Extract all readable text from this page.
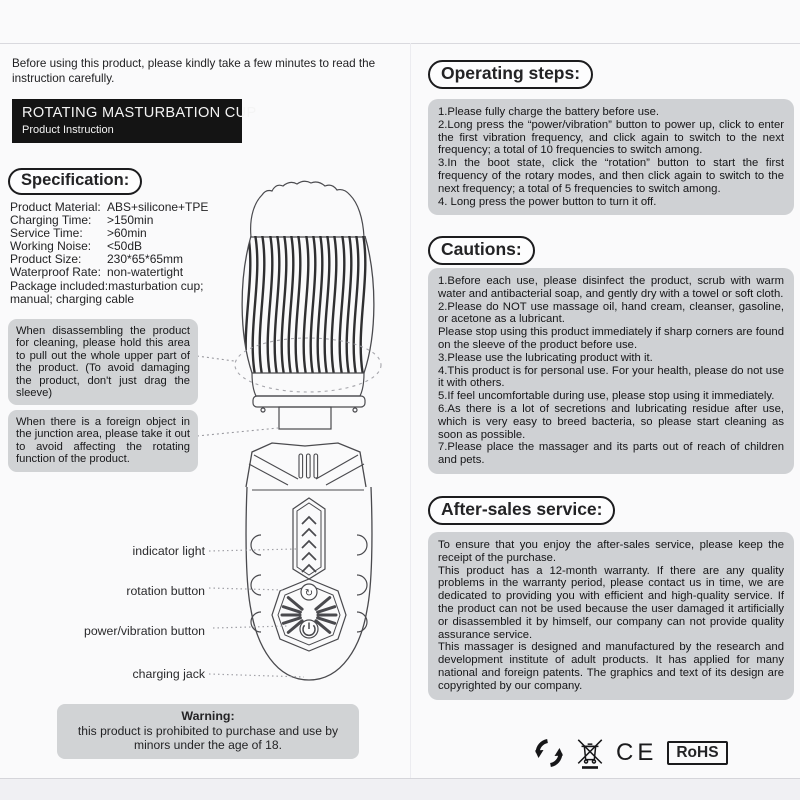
↻
Before using this product, please kindly take a few minutes to read the instruction carefully.
ROTATING MASTURBATION CUP
Product Instruction
Specification:
Product Material: ABS+silicone+TPE
Charging Time: >150min
Service Time: >60min
Working Noise: <50dB
Product Size: 230*65*65mm
Waterproof Rate: non-watertight
Package included:masturbation cup;
manual; charging cable
When disassembling the product for cleaning, please hold this area to pull out the whole upper part of the product. (To avoid damaging the product, don't just drag the sleeve)
When there is a foreign object in the junction area, please take it out to avoid affecting the rotating function of the product.
indicator light
rotation button
power/vibration button
charging jack
Warning:
this product is prohibited to purchase and use by minors under the age of 18.
Operating steps:
1.Please fully charge the battery before use.
2.Long press the “power/vibration” button to power up, click to enter the first vibration frequency, and click again to switch to the next frequency; a total of 10 frequencies to switch among.
3.In the boot state, click the “rotation” button to start the first frequency of the rotary modes, and then click again to switch to the next frequency; a total of 5 frequencies to switch among.
4. Long press the power button to turn it off.
Cautions:
1.Before each use, please disinfect the product, scrub with warm water and antibacterial soap, and gently dry with a towel or soft cloth.
2.Please do NOT use massage oil, hand cream, cleanser, gasoline, or acetone as a lubricant.
Please stop using this product immediately if sharp corners are found on the sleeve of the product before use.
3.Please use the lubricating product with it.
4.This product is for personal use. For your health, please do not use it with others.
5.If feel uncomfortable during use, please stop using it immediately.
6.As there is a lot of secretions and lubricating residue after use, which is very easy to breed bacteria, so please start cleaning as soon as possible.
7.Please place the massager and its parts out of reach of children and pets.
After-sales service:
To ensure that you enjoy the after-sales service, please keep the receipt of the purchase.
This product has a 12-month warranty. If there are any quality problems in the warranty period, please contact us in time, we are dedicated to providing you with efficient and high-quality service. If the product can not be used because the user damaged it artificially or disassembled it by himself, our company can not provide quality assurance service.
This massager is designed and manufactured by the research and development institute of adult products. It has applied for many national and foreign patents. The graphics and text of its design are copyrighted by our company.
CE	RoHS
